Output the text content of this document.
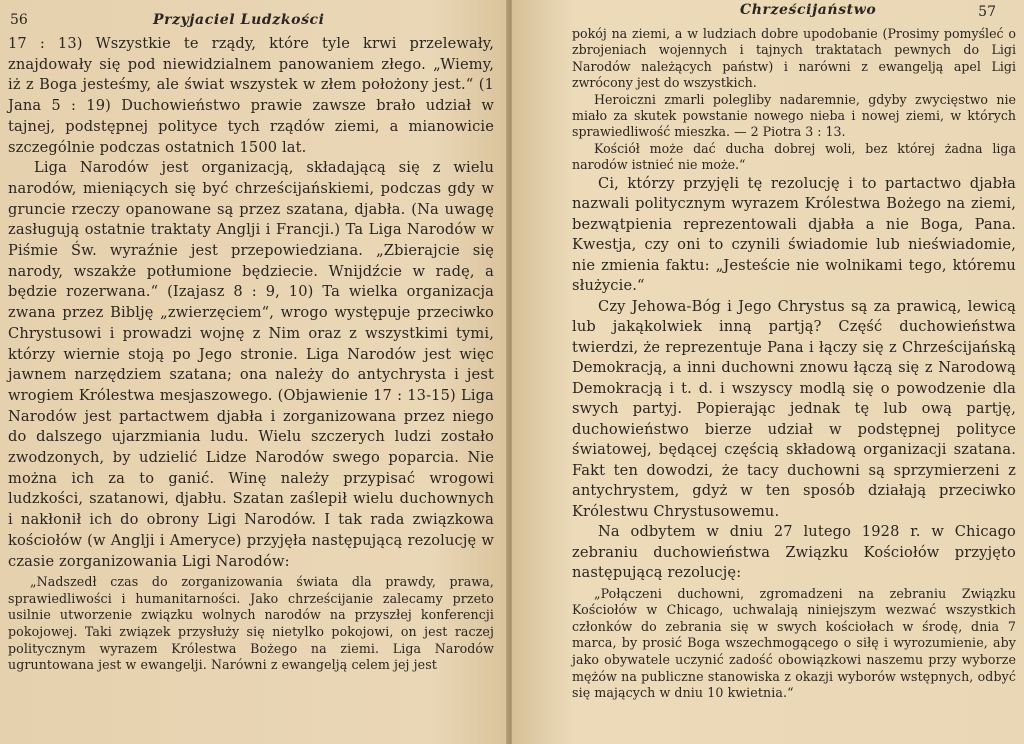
56	Przyjaciel Ludzkości

17 : 13) Wszystkie te rządy, które tyle krwi przelewały, znajdowały się pod niewidzialnem panowaniem złego. „Wiemy, iż z Boga jesteśmy, ale świat wszystek w złem położony jest.“ (1 Jana 5 : 19) Duchowieństwo prawie zawsze brało udział w tajnej, podstępnej polityce tych rządów ziemi, a mianowicie szczególnie podczas ostatnich 1500 lat.

Liga Narodów jest organizacją, składającą się z wielu narodów, mieniących się być chrześcijańskiemi, podczas gdy w gruncie rzeczy opanowane są przez szatana, djabła. (Na uwagę zasługują ostatnie traktaty Anglji i Francji.) Ta Liga Narodów w Piśmie Św. wyraźnie jest przepowiedziana. „Zbierajcie się narody, wszakże potłumione będziecie. Wnijdźcie w radę, a będzie rozerwana.“ (Izajasz 8 : 9, 10) Ta wielka organizacja zwana przez Biblję „zwierzęciem“, wrogo występuje przeciwko Chrystusowi i prowadzi wojnę z Nim oraz z wszystkimi tymi, którzy wiernie stoją po Jego stronie. Liga Narodów jest więc jawnem narzędziem szatana; ona należy do antychrysta i jest wrogiem Królestwa mesjaszowego. (Objawienie 17 : 13-15) Liga Narodów jest partactwem djabła i zorganizowana przez niego do dalszego ujarzmiania ludu. Wielu szczerych ludzi zostało zwodzonych, by udzielić Lidze Narodów swego poparcia. Nie można ich za to ganić. Winę należy przypisać wrogowi ludzkości, szatanowi, djabłu. Szatan zaślepił wielu duchownych i nakłonił ich do obrony Ligi Narodów. I tak rada związkowa kościołów (w Anglji i Ameryce) przyjęła następującą rezolucję w czasie zorganizowania Ligi Narodów:

„Nadszedł czas do zorganizowania świata dla prawdy, prawa, sprawiedliwości i humanitarności. Jako chrześcijanie zalecamy przeto usilnie utworzenie związku wolnych narodów na przyszłej konferencji pokojowej. Taki związek przysłuży się nietylko pokojowi, on jest raczej politycznym wyrazem Królestwa Bożego na ziemi. Liga Narodów ugruntowana jest w ewangelji. Narówni z ewangelją celem jej jest

Chrześcijaństwo	57

pokój na ziemi, a w ludziach dobre upodobanie (Prosimy pomyśleć o zbrojeniach wojennych i tajnych traktatach pewnych do Ligi Narodów należących państw) i narówni z ewangelją apel Ligi zwrócony jest do wszystkich.

Heroiczni zmarli polegliby nadaremnie, gdyby zwycięstwo nie miało za skutek powstanie nowego nieba i nowej ziemi, w których sprawiedliwość mieszka. — 2 Piotra 3 : 13.

Kościół może dać ducha dobrej woli, bez której żadna liga narodów istnieć nie może.“

Ci, którzy przyjęli tę rezolucję i to partactwo djabła nazwali politycznym wyrazem Królestwa Bożego na ziemi, bezwątpienia reprezentowali djabła a nie Boga, Pana. Kwestja, czy oni to czynili świadomie lub nieświadomie, nie zmienia faktu: „Jesteście nie wolnikami tego, któremu służycie.“

Czy Jehowa-Bóg i Jego Chrystus są za prawicą, lewicą lub jakąkolwiek inną partją? Część duchowieństwa twierdzi, że reprezentuje Pana i łączy się z Chrześcijańską Demokracją, a inni duchowni znowu łączą się z Narodową Demokracją i t. d. i wszyscy modlą się o powodzenie dla swych partyj. Popierając jednak tę lub ową partję, duchowieństwo bierze udział w podstępnej polityce światowej, będącej częścią składową organizacji szatana. Fakt ten dowodzi, że tacy duchowni są sprzymierzeni z antychrystem, gdyż w ten sposób działają przeciwko Królestwu Chrystusowemu.

Na odbytem w dniu 27 lutego 1928 r. w Chicago zebraniu duchowieństwa Związku Kościołów przyjęto następującą rezolucję:

„Połączeni duchowni, zgromadzeni na zebraniu Związku Kościołów w Chicago, uchwalają niniejszym wezwać wszystkich członków do zebrania się w swych kościołach w środę, dnia 7 marca, by prosić Boga wszechmogącego o siłę i wyrozumienie, aby jako obywatele uczynić zadość obowiązkowi naszemu przy wyborze mężów na publiczne stanowiska z okazji wyborów wstępnych, odbyć się mających w dniu 10 kwietnia.“
